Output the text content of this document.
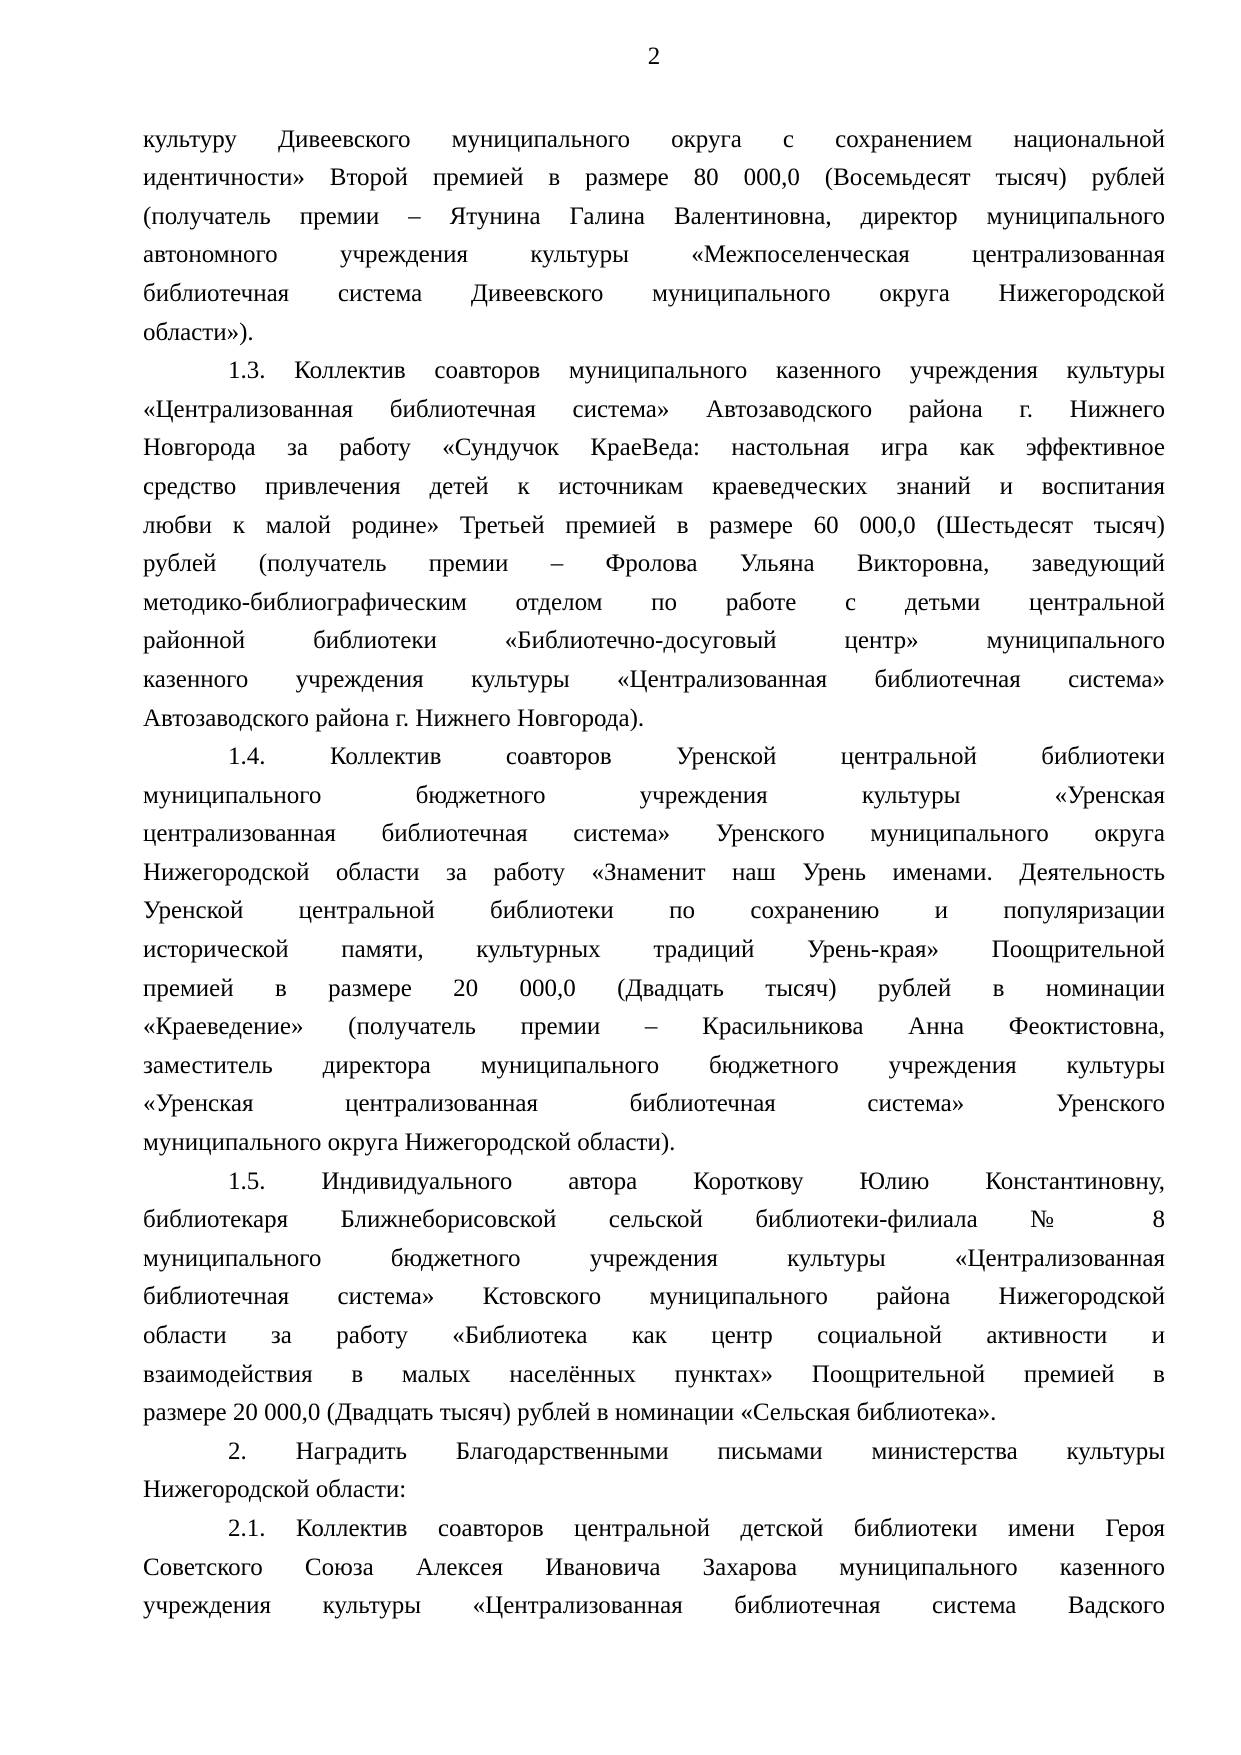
2
культуру Дивеевского муниципального округа с сохранением национальной
идентичности» Второй премией в размере 80 000,0 (Восемьдесят тысяч) рублей
(получатель премии – Ятунина Галина Валентиновна, директор муниципального
автономного учреждения культуры «Межпоселенческая централизованная
библиотечная система Дивеевского муниципального округа Нижегородской
области»).
1.3. Коллектив соавторов муниципального казенного учреждения культуры
«Централизованная библиотечная система» Автозаводского района г. Нижнего
Новгорода за работу «Сундучок КраеВеда: настольная игра как эффективное
средство привлечения детей к источникам краеведческих знаний и воспитания
любви к малой родине» Третьей премией в размере 60 000,0 (Шестьдесят тысяч)
рублей (получатель премии – Фролова Ульяна Викторовна, заведующий
методико-библиографическим отделом по работе с детьми центральной
районной библиотеки «Библиотечно-досуговый центр» муниципального
казенного учреждения культуры «Централизованная библиотечная система»
Автозаводского района г. Нижнего Новгорода).
1.4. Коллектив соавторов Уренской центральной библиотеки
муниципального бюджетного учреждения культуры «Уренская
централизованная библиотечная система» Уренского муниципального округа
Нижегородской области за работу «Знаменит наш Урень именами. Деятельность
Уренской центральной библиотеки по сохранению и популяризации
исторической памяти, культурных традиций Урень-края» Поощрительной
премией в размере 20 000,0 (Двадцать тысяч) рублей в номинации
«Краеведение» (получатель премии – Красильникова Анна Феоктистовна,
заместитель директора муниципального бюджетного учреждения культуры
«Уренская централизованная библиотечная система» Уренского
муниципального округа Нижегородской области).
1.5. Индивидуального автора Короткову Юлию Константиновну,
библиотекаря Ближнеборисовской сельской библиотеки-филиала № 8
муниципального бюджетного учреждения культуры «Централизованная
библиотечная система» Кстовского муниципального района Нижегородской
области за работу «Библиотека как центр социальной активности и
взаимодействия в малых населённых пунктах» Поощрительной премией в
размере 20 000,0 (Двадцать тысяч) рублей в номинации «Сельская библиотека».
2. Наградить Благодарственными письмами министерства культуры
Нижегородской области:
2.1. Коллектив соавторов центральной детской библиотеки имени Героя
Советского Союза Алексея Ивановича Захарова муниципального казенного
учреждения культуры «Централизованная библиотечная система Вадского
